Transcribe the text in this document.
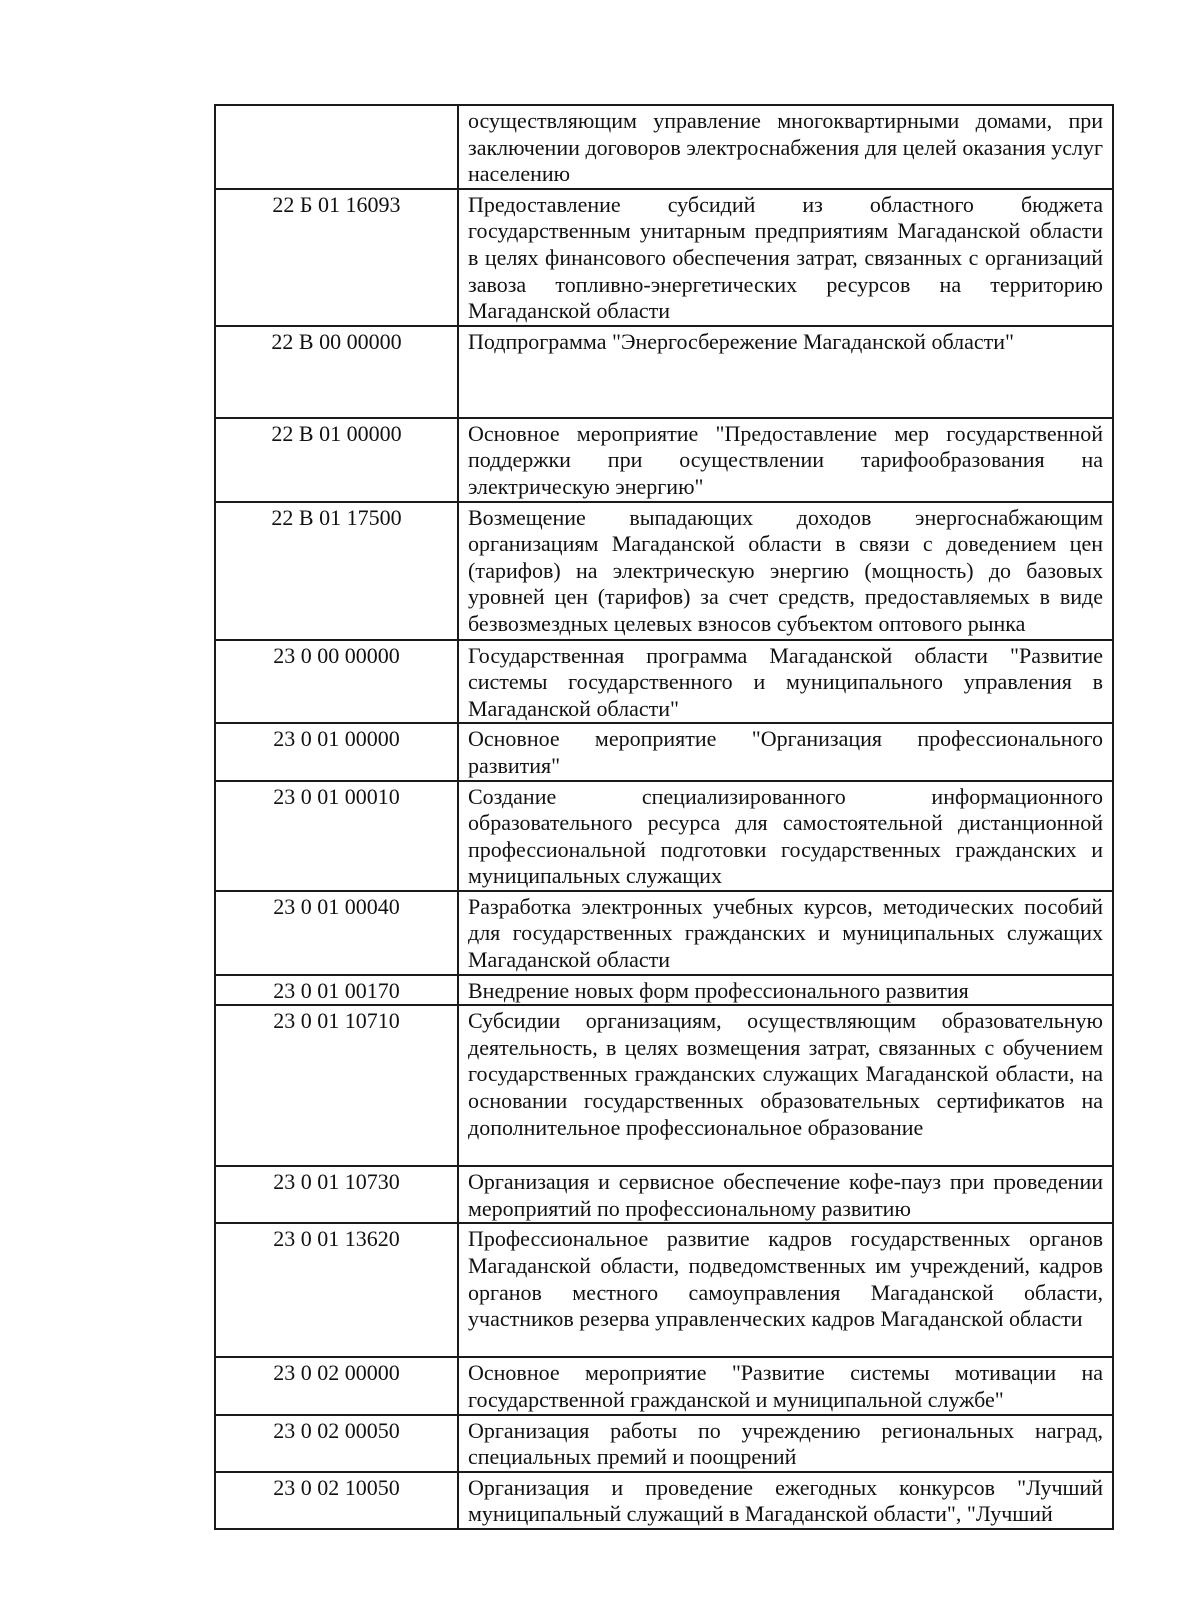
	осуществляющим управление многоквартирными домами, при заключении договоров электроснабжения для целей оказания услуг населению

22 Б 01 16093	Предоставление субсидий из областного бюджета государственным унитарным предприятиям Магаданской области в целях финансового обеспечения затрат, связанных с организаций завоза топливно-энергетических ресурсов на территорию Магаданской области

22 В 00 00000	Подпрограмма "Энергосбережение Магаданской области"

22 В 01 00000	Основное мероприятие "Предоставление мер государственной поддержки при осуществлении тарифообразования на электрическую энергию"

22 В 01 17500	Возмещение выпадающих доходов энергоснабжающим организациям Магаданской области в связи с доведением цен (тарифов) на электрическую энергию (мощность) до базовых уровней цен (тарифов) за счет средств, предоставляемых в виде безвозмездных целевых взносов субъектом оптового рынка

23 0 00 00000	Государственная программа Магаданской области "Развитие системы государственного и муниципального управления в Магаданской области"

23 0 01 00000	Основное мероприятие "Организация профессионального развития"

23 0 01 00010	Создание специализированного информационного образовательного ресурса для самостоятельной дистанционной профессиональной подготовки государственных гражданских и муниципальных служащих

23 0 01 00040	Разработка электронных учебных курсов, методических пособий для государственных гражданских и муниципальных служащих Магаданской области

23 0 01 00170	Внедрение новых форм профессионального развития

23 0 01 10710	Субсидии организациям, осуществляющим образовательную деятельность, в целях возмещения затрат, связанных с обучением государственных гражданских служащих Магаданской области, на основании государственных образовательных сертификатов на дополнительное профессиональное образование

23 0 01 10730	Организация и сервисное обеспечение кофе-пауз при проведении мероприятий по профессиональному развитию

23 0 01 13620	Профессиональное развитие кадров государственных органов Магаданской области, подведомственных им учреждений, кадров органов местного самоуправления Магаданской области, участников резерва управленческих кадров Магаданской области

23 0 02 00000	Основное мероприятие "Развитие системы мотивации на государственной гражданской и муниципальной службе"

23 0 02 00050	Организация работы по учреждению региональных наград, специальных премий и поощрений

23 0 02 10050	Организация и проведение ежегодных конкурсов "Лучший муниципальный служащий в Магаданской области", "Лучший
